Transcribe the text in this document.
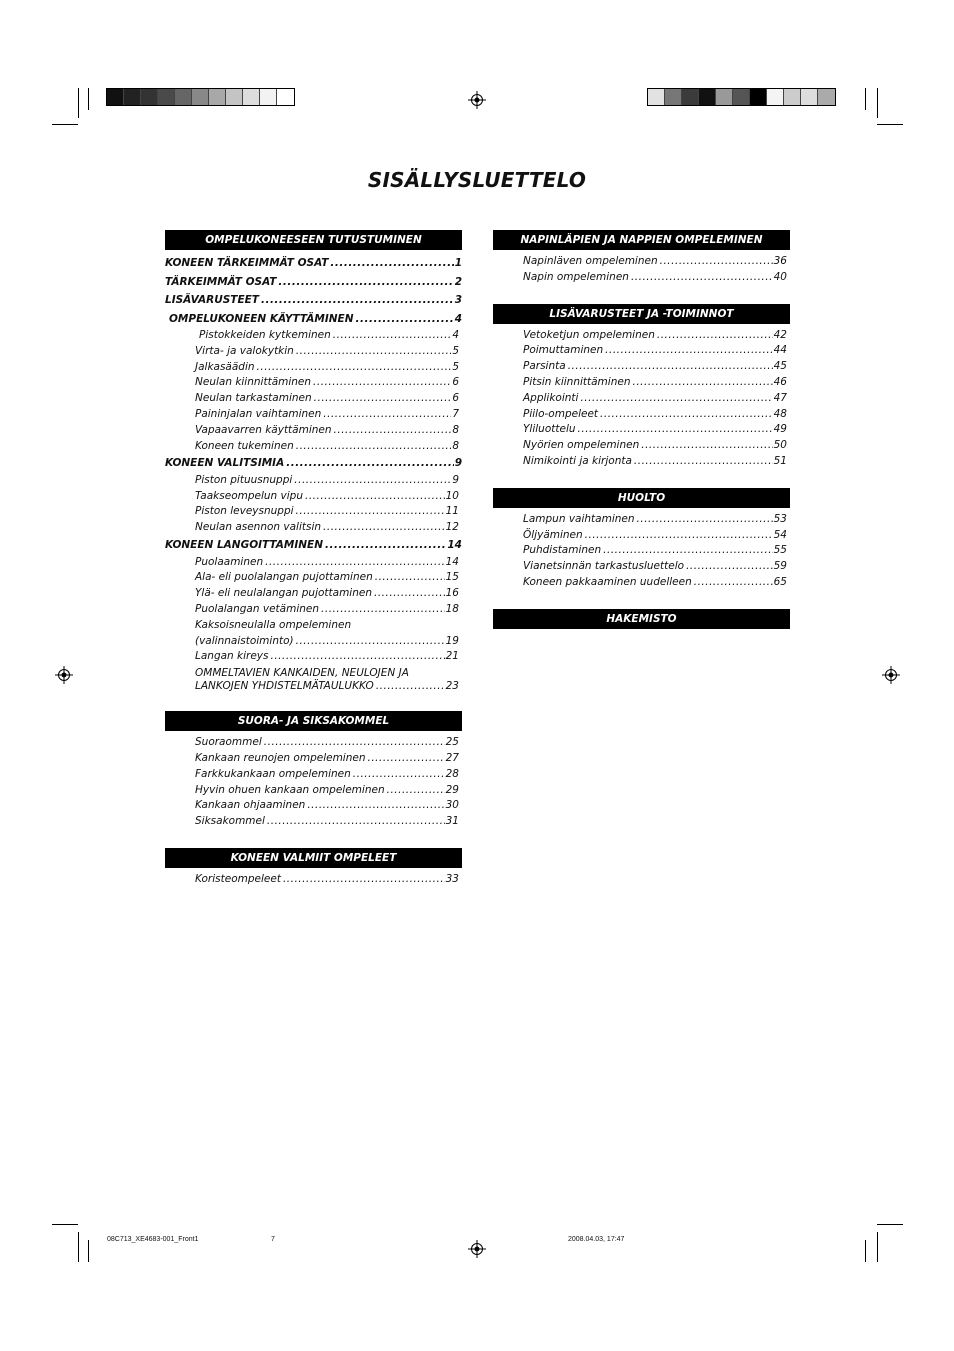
SISÄLLYSLUETTELO
OMPELUKONEESEEN TUTUSTUMINEN
KONEEN TÄRKEIMMÄT OSAT .....	1
TÄRKEIMMÄT OSAT .....	2
LISÄVARUSTEET .....	3
OMPELUKONEEN KÄYTTÄMINEN .....	4
Pistokkeiden kytkeminen .....	4
Virta- ja valokytkin .....	5
Jalkasäädin .....	5
Neulan kiinnittäminen .....	6
Neulan tarkastaminen .....	6
Paininjalan vaihtaminen .....	7
Vapaavarren käyttäminen .....	8
Koneen tukeminen .....	8
KONEEN VALITSIMIA .....	9
Piston pituusnuppi .....	9
Taakseompelun vipu .....	10
Piston leveysnuppi .....	11
Neulan asennon valitsin .....	12
KONEEN LANGOITTAMINEN .....	14
Puolaaminen .....	14
Ala- eli puolalangan pujottaminen .....	15
Ylä- eli neulalangan pujottaminen .....	16
Puolalangan vetäminen .....	18
Kaksoisneulalla ompeleminen
(valinnaistoiminto) .....	19
Langan kireys .....	21
OMMELTAVIEN KANKAIDEN, NEULOJEN JA
LANKOJEN YHDISTELMÄTAULUKKO .....	23
SUORA- JA SIKSAKOMMEL
Suoraommel .....	25
Kankaan reunojen ompeleminen .....	27
Farkkukankaan ompeleminen .....	28
Hyvin ohuen kankaan ompeleminen .....	29
Kankaan ohjaaminen .....	30
Siksakommel .....	31
KONEEN VALMIIT OMPELEET
Koristeompeleet .....	33
NAPINLÄPIEN JA NAPPIEN OMPELEMINEN
Napinläven ompeleminen .....	36
Napin ompeleminen .....	40
LISÄVARUSTEET JA -TOIMINNOT
Vetoketjun ompeleminen .....	42
Poimuttaminen .....	44
Parsinta .....	45
Pitsin kiinnittäminen .....	46
Applikointi .....	47
Piilo-ompeleet .....	48
Yliluottelu .....	49
Nyörien ompeleminen .....	50
Nimikointi ja kirjonta .....	51
HUOLTO
Lampun vaihtaminen .....	53
Öljyäminen .....	54
Puhdistaminen .....	55
Vianetsinnän tarkastusluettelo .....	59
Koneen pakkaaminen uudelleen .....	65
HAKEMISTO
08C713_XE4683-001_Front1	7	2008.04.03, 17:47
